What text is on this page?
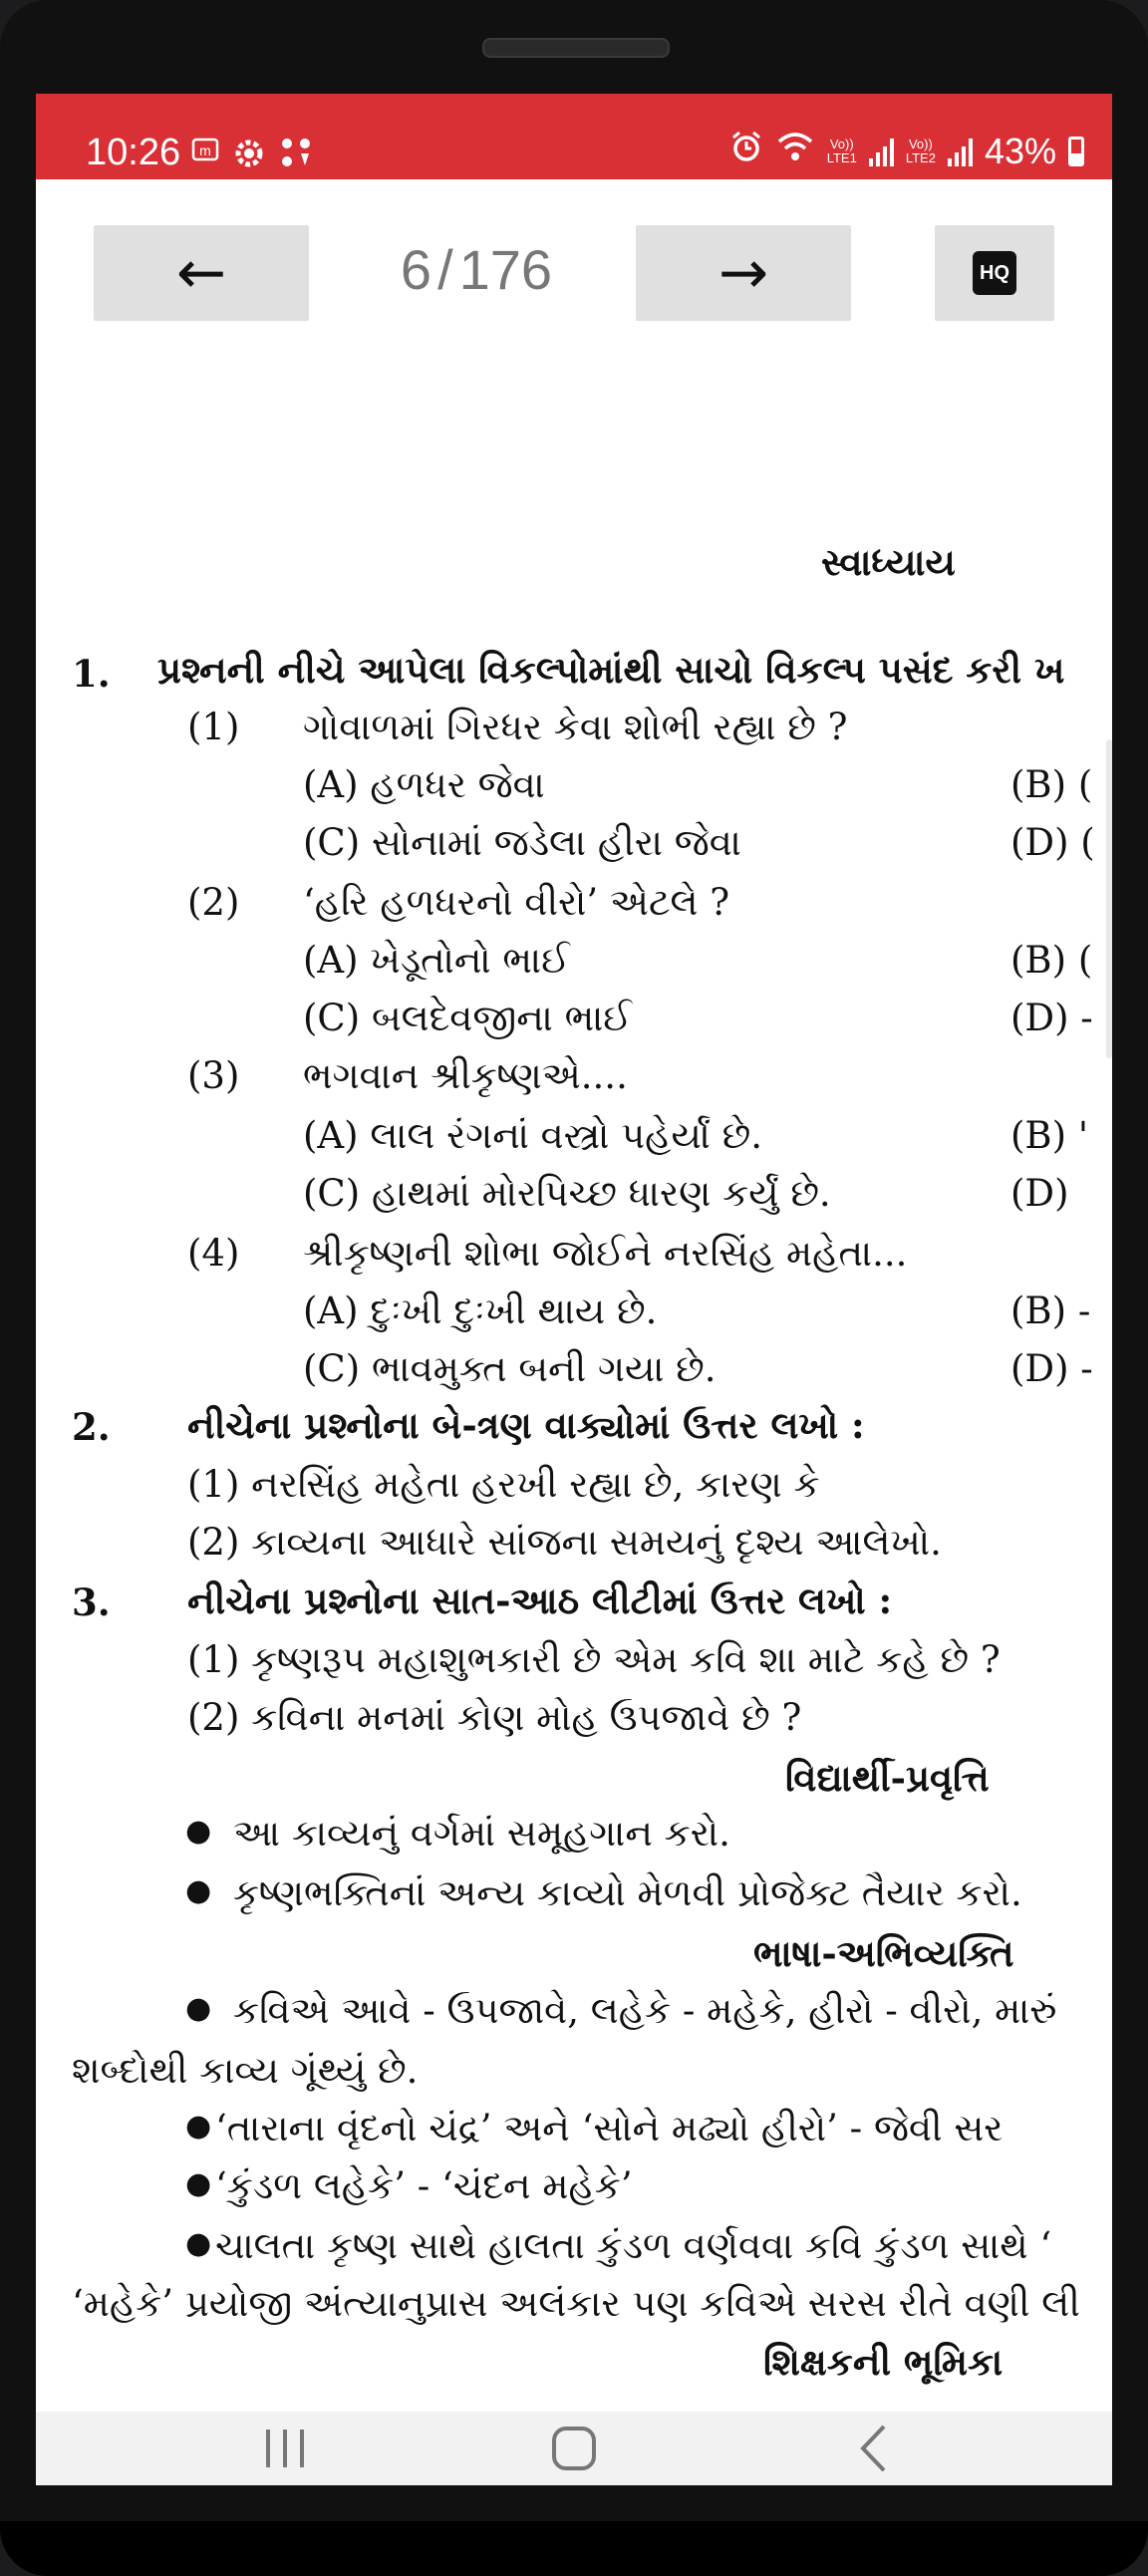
10:26 m	Vo))
LTE1
Vo))
LTE2 43%
←	6 / 176	→	HQ
સ્વાધ્યાય
1. પ્રશ્નની નીચે આપેલા વિકલ્પોમાંથી સાચો વિકલ્પ પસંદ કરી ખ
(1) ગોવાળમાં ગિરધર કેવા શોભી રહ્યા છે ?
(A) હળધર જેવા	(B) (
(C) સોનામાં જડેલા હીરા જેવા	(D) (
(2) ‘હરિ હળધરનો વીરો’ એટલે ?
(A) ખેડૂતોનો ભાઈ	(B) (
(C) બલદેવજીના ભાઈ	(D) -
(3) ભગવાન શ્રીકૃષ્ણએ....
(A) લાલ રંગનાં વસ્ત્રો પહેર્યાં છે.	(B) '
(C) હાથમાં મોરપિચ્છ ધારણ કર્યું છે.	(D)
(4) શ્રીકૃષ્ણની શોભા જોઈને નરસિંહ મહેતા...
(A) દુઃખી દુઃખી થાય છે.	(B) -
(C) ભાવમુક્ત બની ગયા છે.	(D) -
2. નીચેના પ્રશ્નોના બે-ત્રણ વાક્યોમાં ઉત્તર લખો :
(1) નરસિંહ મહેતા હરખી રહ્યા છે, કારણ કે
(2) કાવ્યના આધારે સાંજના સમયનું દૃશ્ય આલેખો.
3. નીચેના પ્રશ્નોના સાત-આઠ લીટીમાં ઉત્તર લખો :
(1) કૃષ્ણરૂપ મહાશુભકારી છે એમ કવિ શા માટે કહે છે ?
(2) કવિના મનમાં કોણ મોહ ઉપજાવે છે ?
વિદ્યાર્થી-પ્રવૃત્તિ
● આ કાવ્યનું વર્ગમાં સમૂહગાન કરો.
● કૃષ્ણભક્તિનાં અન્ય કાવ્યો મેળવી પ્રોજેક્ટ તૈયાર કરો.
ભાષા-અભિવ્યક્તિ
● કવિએ આવે - ઉપજાવે, લહેકે - મહેકે, હીરો - વીરો, મારું
શબ્દોથી કાવ્ય ગૂંથ્યું છે.
● ‘તારાના વૃંદનો ચંદ્ર’ અને ‘સોને મઢ્યો હીરો’ - જેવી સર
● ‘કુંડળ લહેકે’ - ‘ચંદન મહેકે’
● ચાલતા કૃષ્ણ સાથે હાલતા કુંડળ વર્ણવવા કવિ કુંડળ સાથે ‘
‘મહેકે’ પ્રયોજી અંત્યાનુપ્રાસ અલંકાર પણ કવિએ સરસ રીતે વણી લી
શિક્ષકની ભૂમિકા
